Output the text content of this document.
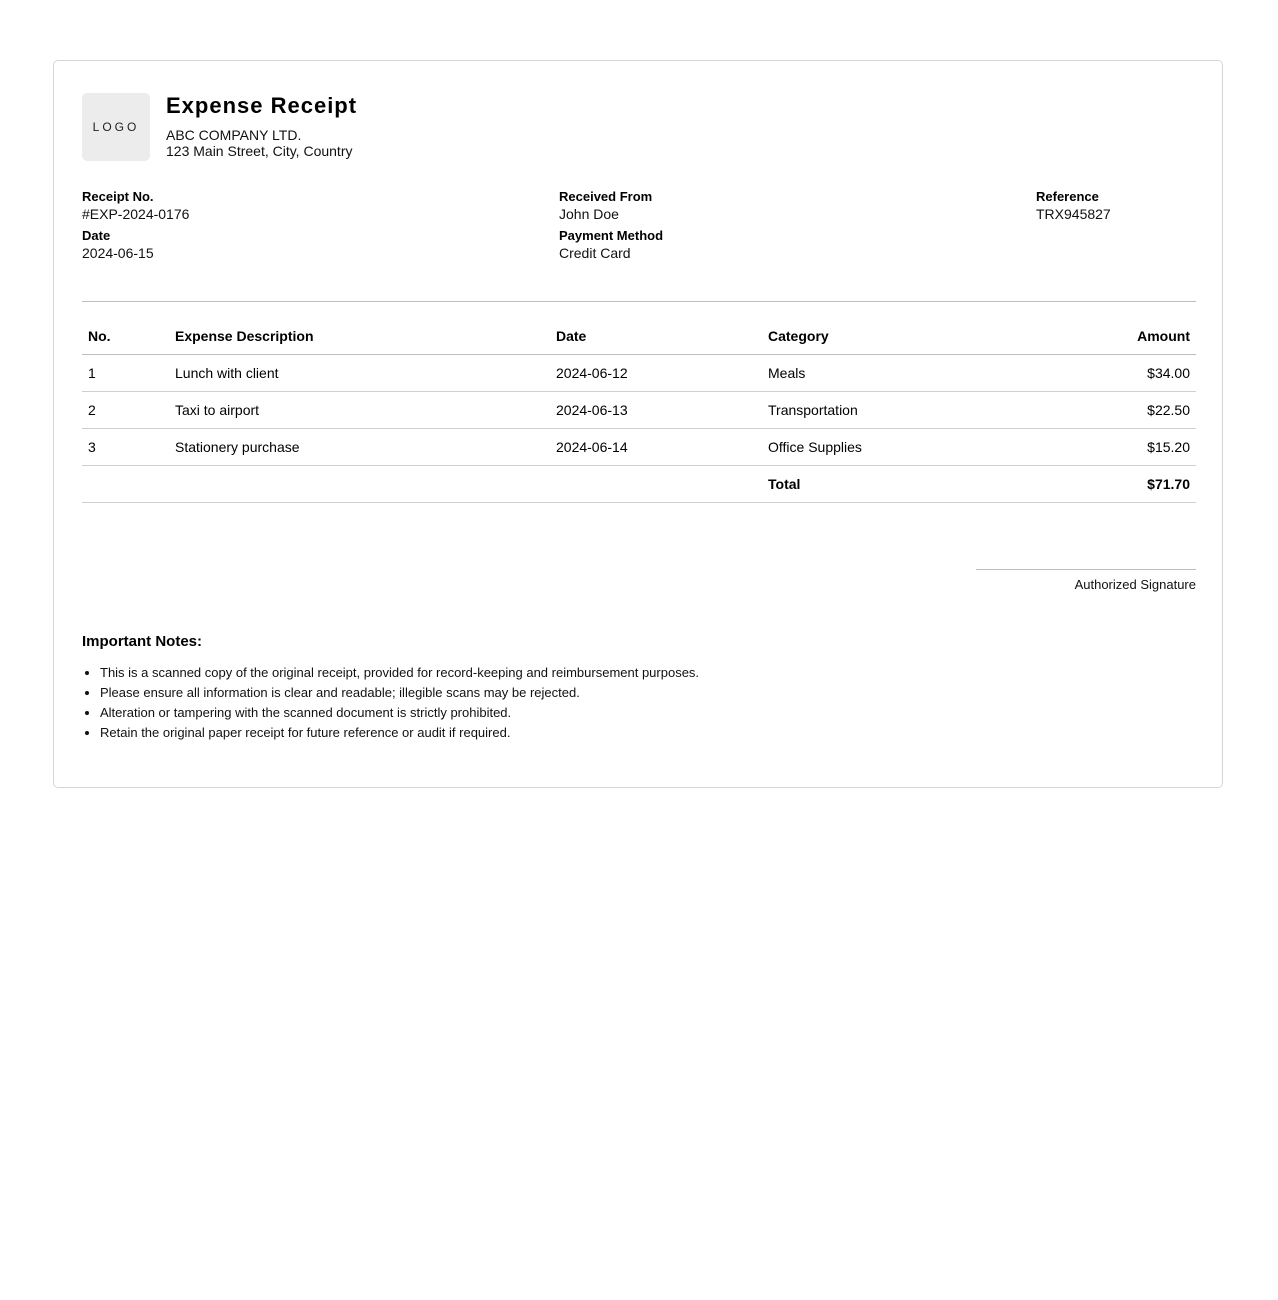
LOGO
Expense Receipt
ABC COMPANY LTD.
123 Main Street, City, Country
Receipt No.
#EXP-2024-0176
Date
2024-06-15
Received From
John Doe
Payment Method
Credit Card
Reference
TRX945827
No.	Expense Description	Date	Category	Amount
1	Lunch with client	2024-06-12	Meals	$34.00
2	Taxi to airport	2024-06-13	Transportation	$22.50
3	Stationery purchase	2024-06-14	Office Supplies	$15.20
			Total	$71.70
Authorized Signature
Important Notes:
• This is a scanned copy of the original receipt, provided for record-keeping and reimbursement purposes.
• Please ensure all information is clear and readable; illegible scans may be rejected.
• Alteration or tampering with the scanned document is strictly prohibited.
• Retain the original paper receipt for future reference or audit if required.
